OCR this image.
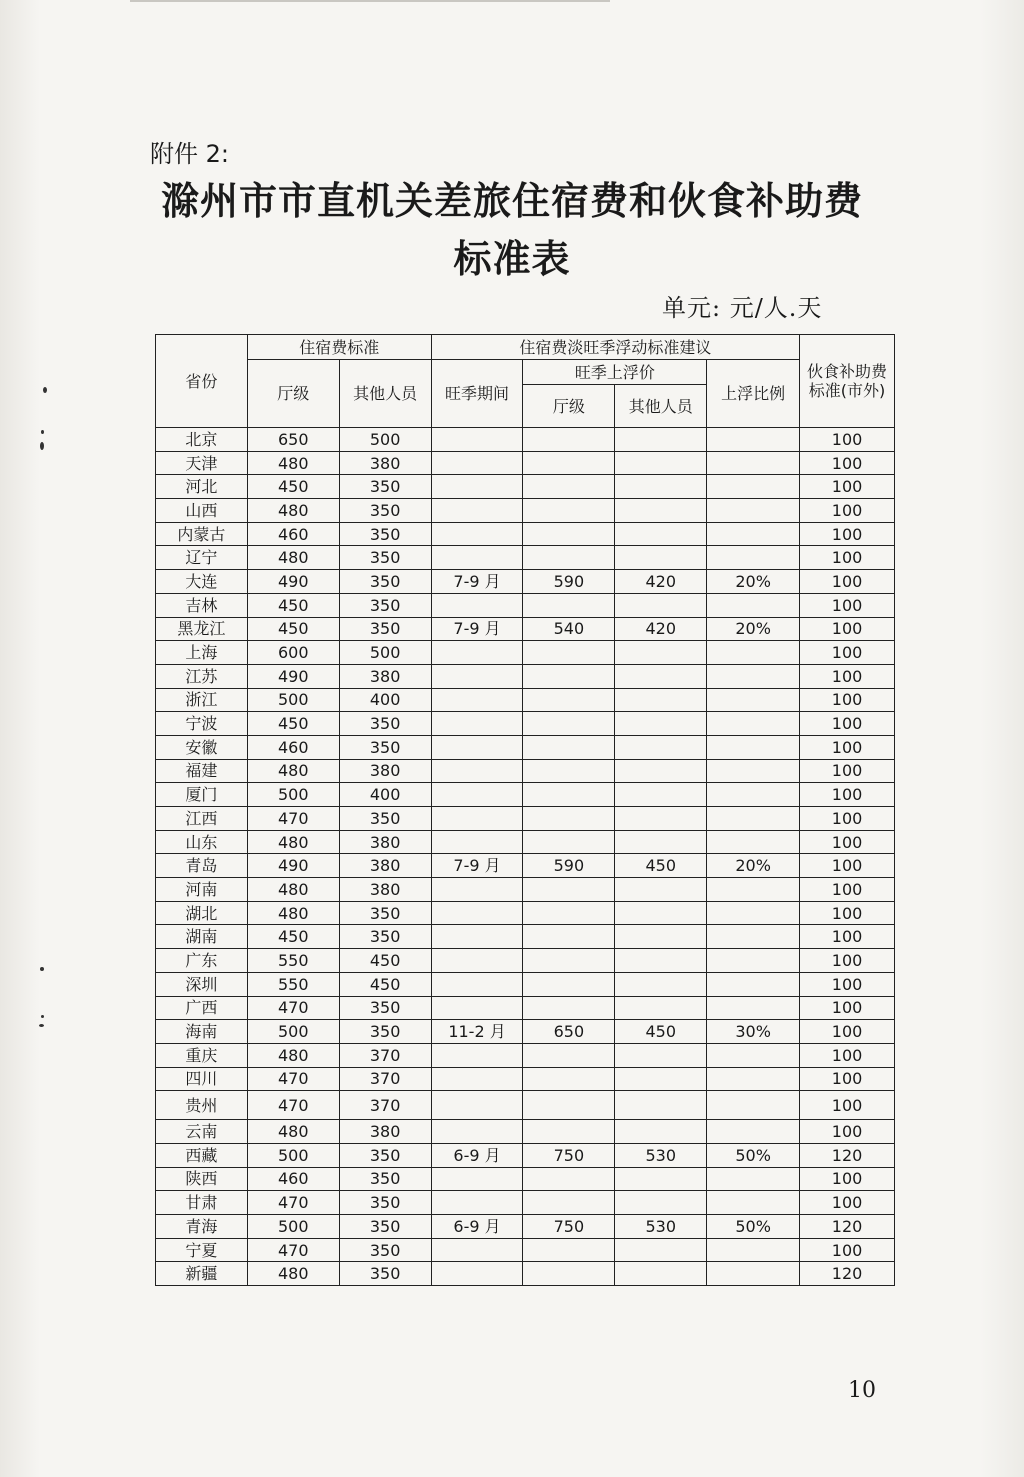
附件 2:
滁州市市直机关差旅住宿费和伙食补助费
标准表
单元: 元/人.天
省份	住宿费标准		住宿费淡旺季浮动标准建议				伙食补助费标准(市外)
	厅级	其他人员	旺季期间	旺季上浮价		上浮比例	
				厅级	其他人员		
北京	650	500					100
天津	480	380					100
河北	450	350					100
山西	480	350					100
内蒙古	460	350					100
辽宁	480	350					100
大连	490	350	7-9 月	590	420	20%	100
吉林	450	350					100
黑龙江	450	350	7-9 月	540	420	20%	100
上海	600	500					100
江苏	490	380					100
浙江	500	400					100
宁波	450	350					100
安徽	460	350					100
福建	480	380					100
厦门	500	400					100
江西	470	350					100
山东	480	380					100
青岛	490	380	7-9 月	590	450	20%	100
河南	480	380					100
湖北	480	350					100
湖南	450	350					100
广东	550	450					100
深圳	550	450					100
广西	470	350					100
海南	500	350	11-2 月	650	450	30%	100
重庆	480	370					100
四川	470	370					100
贵州	470	370					100
云南	480	380					100
西藏	500	350	6-9 月	750	530	50%	120
陕西	460	350					100
甘肃	470	350					100
青海	500	350	6-9 月	750	530	50%	120
宁夏	470	350					100
新疆	480	350					120
10
